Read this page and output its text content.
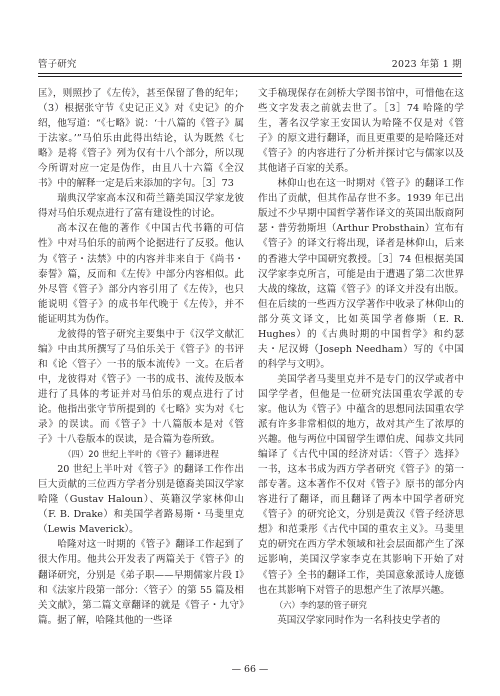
管子研究	2023 年第 1 期

匡》，则照抄了《左传》，甚至保留了鲁的纪年；（3）根据张守节《史记正义》对《史记》的介绍，他写道：“《七略》说：‘十八篇的《管子》属于法家。’”马伯乐由此得出结论，认为既然《七略》是将《管子》列为仅有十八个部分，所以现今所谓对应一定是伪作，由且八十六篇《全汉书》中的解释一定是后来添加的字句。［3］73

瑞典汉学家高本汉和荷兰籍美国汉学家龙彼得对马伯乐观点进行了富有建设性的讨论。

高本汉在他的著作《中国古代书籍的可信性》中对马伯乐的前两个论据进行了反驳。他认为《管子・法禁》中的内容并非来自于《尚书・泰誓》篇，反而和《左传》中部分内容相似。此外尽管《管子》部分内容引用了《左传》，也只能说明《管子》的成书年代晚于《左传》，并不能证明其为伪作。

龙彼得的管子研究主要集中于《汉学文献汇编》中由其所撰写了马伯乐关于《管子》的书评和《论〈管子〉一书的版本流传》一文。在后者中，龙彼得对《管子》一书的成书、流传及版本进行了具体的考证并对马伯乐的观点进行了讨论。他指出张守节所提到的《七略》实为对《七录》的误读。而《管子》十八篇版本是对《管子》十八卷版本的误读，是合篇为卷所致。

（四）20 世纪上半叶的《管子》翻译进程

20 世纪上半叶对《管子》的翻译工作作出巨大贡献的三位西方学者分别是德裔美国汉学家哈隆（Gustav Haloun）、英籍汉学家林仰山（F. B. Drake）和美国学者路易斯・马斐里克（Lewis Maverick）。

哈隆对这一时期的《管子》翻译工作起到了很大作用。他共公开发表了两篇关于《管子》的翻译研究，分别是《弟子职——早期儒家片段 I》和《法家片段第一部分：〈管子〉的第 55 篇及相关文献》，第二篇文章翻译的就是《管子・九守》篇。据了解，哈隆其他的一些译

文手稿现保存在剑桥大学图书馆中，可惜他在这些文字发表之前就去世了。［3］74 哈隆的学生，著名汉学家王安国认为哈隆不仅是对《管子》的原文进行翻译，而且更重要的是哈隆还对《管子》的内容进行了分析并探讨它与儒家以及其他诸子百家的关系。

林仰山也在这一时期对《管子》的翻译工作作出了贡献，但其作品存世不多。1939 年已出版过不少早期中国哲学著作译文的英国出版商阿瑟・普劳勃斯坦（Arthur Probsthain）宣布有《管子》的译文行将出现，译者是林仰山，后来的香港大学中国研究教授。［3］74 但根据美国汉学家李克所言，可能是由于遭遇了第二次世界大战的缘故，这篇《管子》的译文并没有出版。但在后续的一些西方汉学著作中收录了林仰山的部分英文译文，比如英国学者修斯（E. R. Hughes）的《古典时期的中国哲学》和约瑟夫・尼汉姆（Joseph Needham）写的《中国的科学与文明》。

美国学者马斐里克并不是专门的汉学或者中国学学者，但他是一位研究法国重农学派的专家。他认为《管子》中蕴含的思想同法国重农学派有许多非常相似的地方，故对其产生了浓厚的兴趣。他与两位中国留学生谭伯虎、闻恭文共同编译了《古代中国的经济对话：〈管子〉选择》一书，这本书成为西方学者研究《管子》的第一部专著。这本著作不仅对《管子》原书的部分内容进行了翻译，而且翻译了两本中国学者研究《管子》的研究论文，分别是黄汉《管子经济思想》和范秉彤《古代中国的重农主义》。马斐里克的研究在西方学术领域和社会层面都产生了深远影响，美国汉学家李克在其影响下开始了对《管子》全书的翻译工作，美国意象派诗人庞德也在其影响下对管子的思想产生了浓厚兴趣。

（六）李约瑟的管子研究

英国汉学家同时作为一名科技史学者的

— 66 —
